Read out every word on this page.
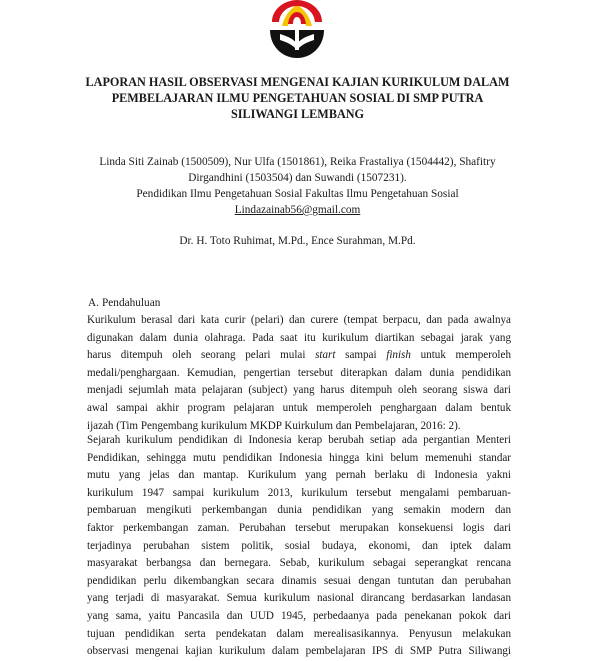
LAPORAN HASIL OBSERVASI MENGENAI KAJIAN KURIKULUM DALAM
PEMBELAJARAN ILMU PENGETAHUAN SOSIAL DI SMP PUTRA
SILIWANGI LEMBANG
Linda Siti Zainab (1500509), Nur Ulfa (1501861), Reika Frastaliya (1504442), Shafitry
Dirgandhini (1503504) dan Suwandi (1507231).
Pendidikan Ilmu Pengetahuan Sosial Fakultas Ilmu Pengetahuan Sosial
Lindazainab56@gmail.com
Dr. H. Toto Ruhimat, M.Pd., Ence Surahman, M.Pd.
A. Pendahuluan
Kurikulum berasal dari kata curir (pelari) dan curere (tempat berpacu, dan pada awalnya
digunakan dalam dunia olahraga. Pada saat itu kurikulum diartikan sebagai jarak yang
harus ditempuh oleh seorang pelari mulai start sampai finish untuk memperoleh
medali/penghargaan. Kemudian, pengertian tersebut diterapkan dalam dunia pendidikan
menjadi sejumlah mata pelajaran (subject) yang harus ditempuh oleh seorang siswa dari
awal sampai akhir program pelajaran untuk memperoleh penghargaan dalam bentuk
ijazah (Tim Pengembang kurikulum MKDP Kuirkulum dan Pembelajaran, 2016: 2).
Sejarah kurikulum pendidikan di Indonesia kerap berubah setiap ada pergantian Menteri
Pendidikan, sehingga mutu pendidikan Indonesia hingga kini belum memenuhi standar
mutu yang jelas dan mantap. Kurikulum yang pernah berlaku di Indonesia yakni
kurikulum 1947 sampai kurikulum 2013, kurikulum tersebut mengalami pembaruan-
pembaruan mengikuti perkembangan dunia pendidikan yang semakin modern dan
faktor perkembangan zaman. Perubahan tersebut merupakan konsekuensi logis dari
terjadinya perubahan sistem politik, sosial budaya, ekonomi, dan iptek dalam
masyarakat berbangsa dan bernegara. Sebab, kurikulum sebagai seperangkat rencana
pendidikan perlu dikembangkan secara dinamis sesuai dengan tuntutan dan perubahan
yang terjadi di masyarakat. Semua kurikulum nasional dirancang berdasarkan landasan
yang sama, yaitu Pancasila dan UUD 1945, perbedaanya pada penekanan pokok dari
tujuan pendidikan serta pendekatan dalam merealisasikannya. Penyusun melakukan
observasi mengenai kajian kurikulum dalam pembelajaran IPS di SMP Putra Siliwangi
